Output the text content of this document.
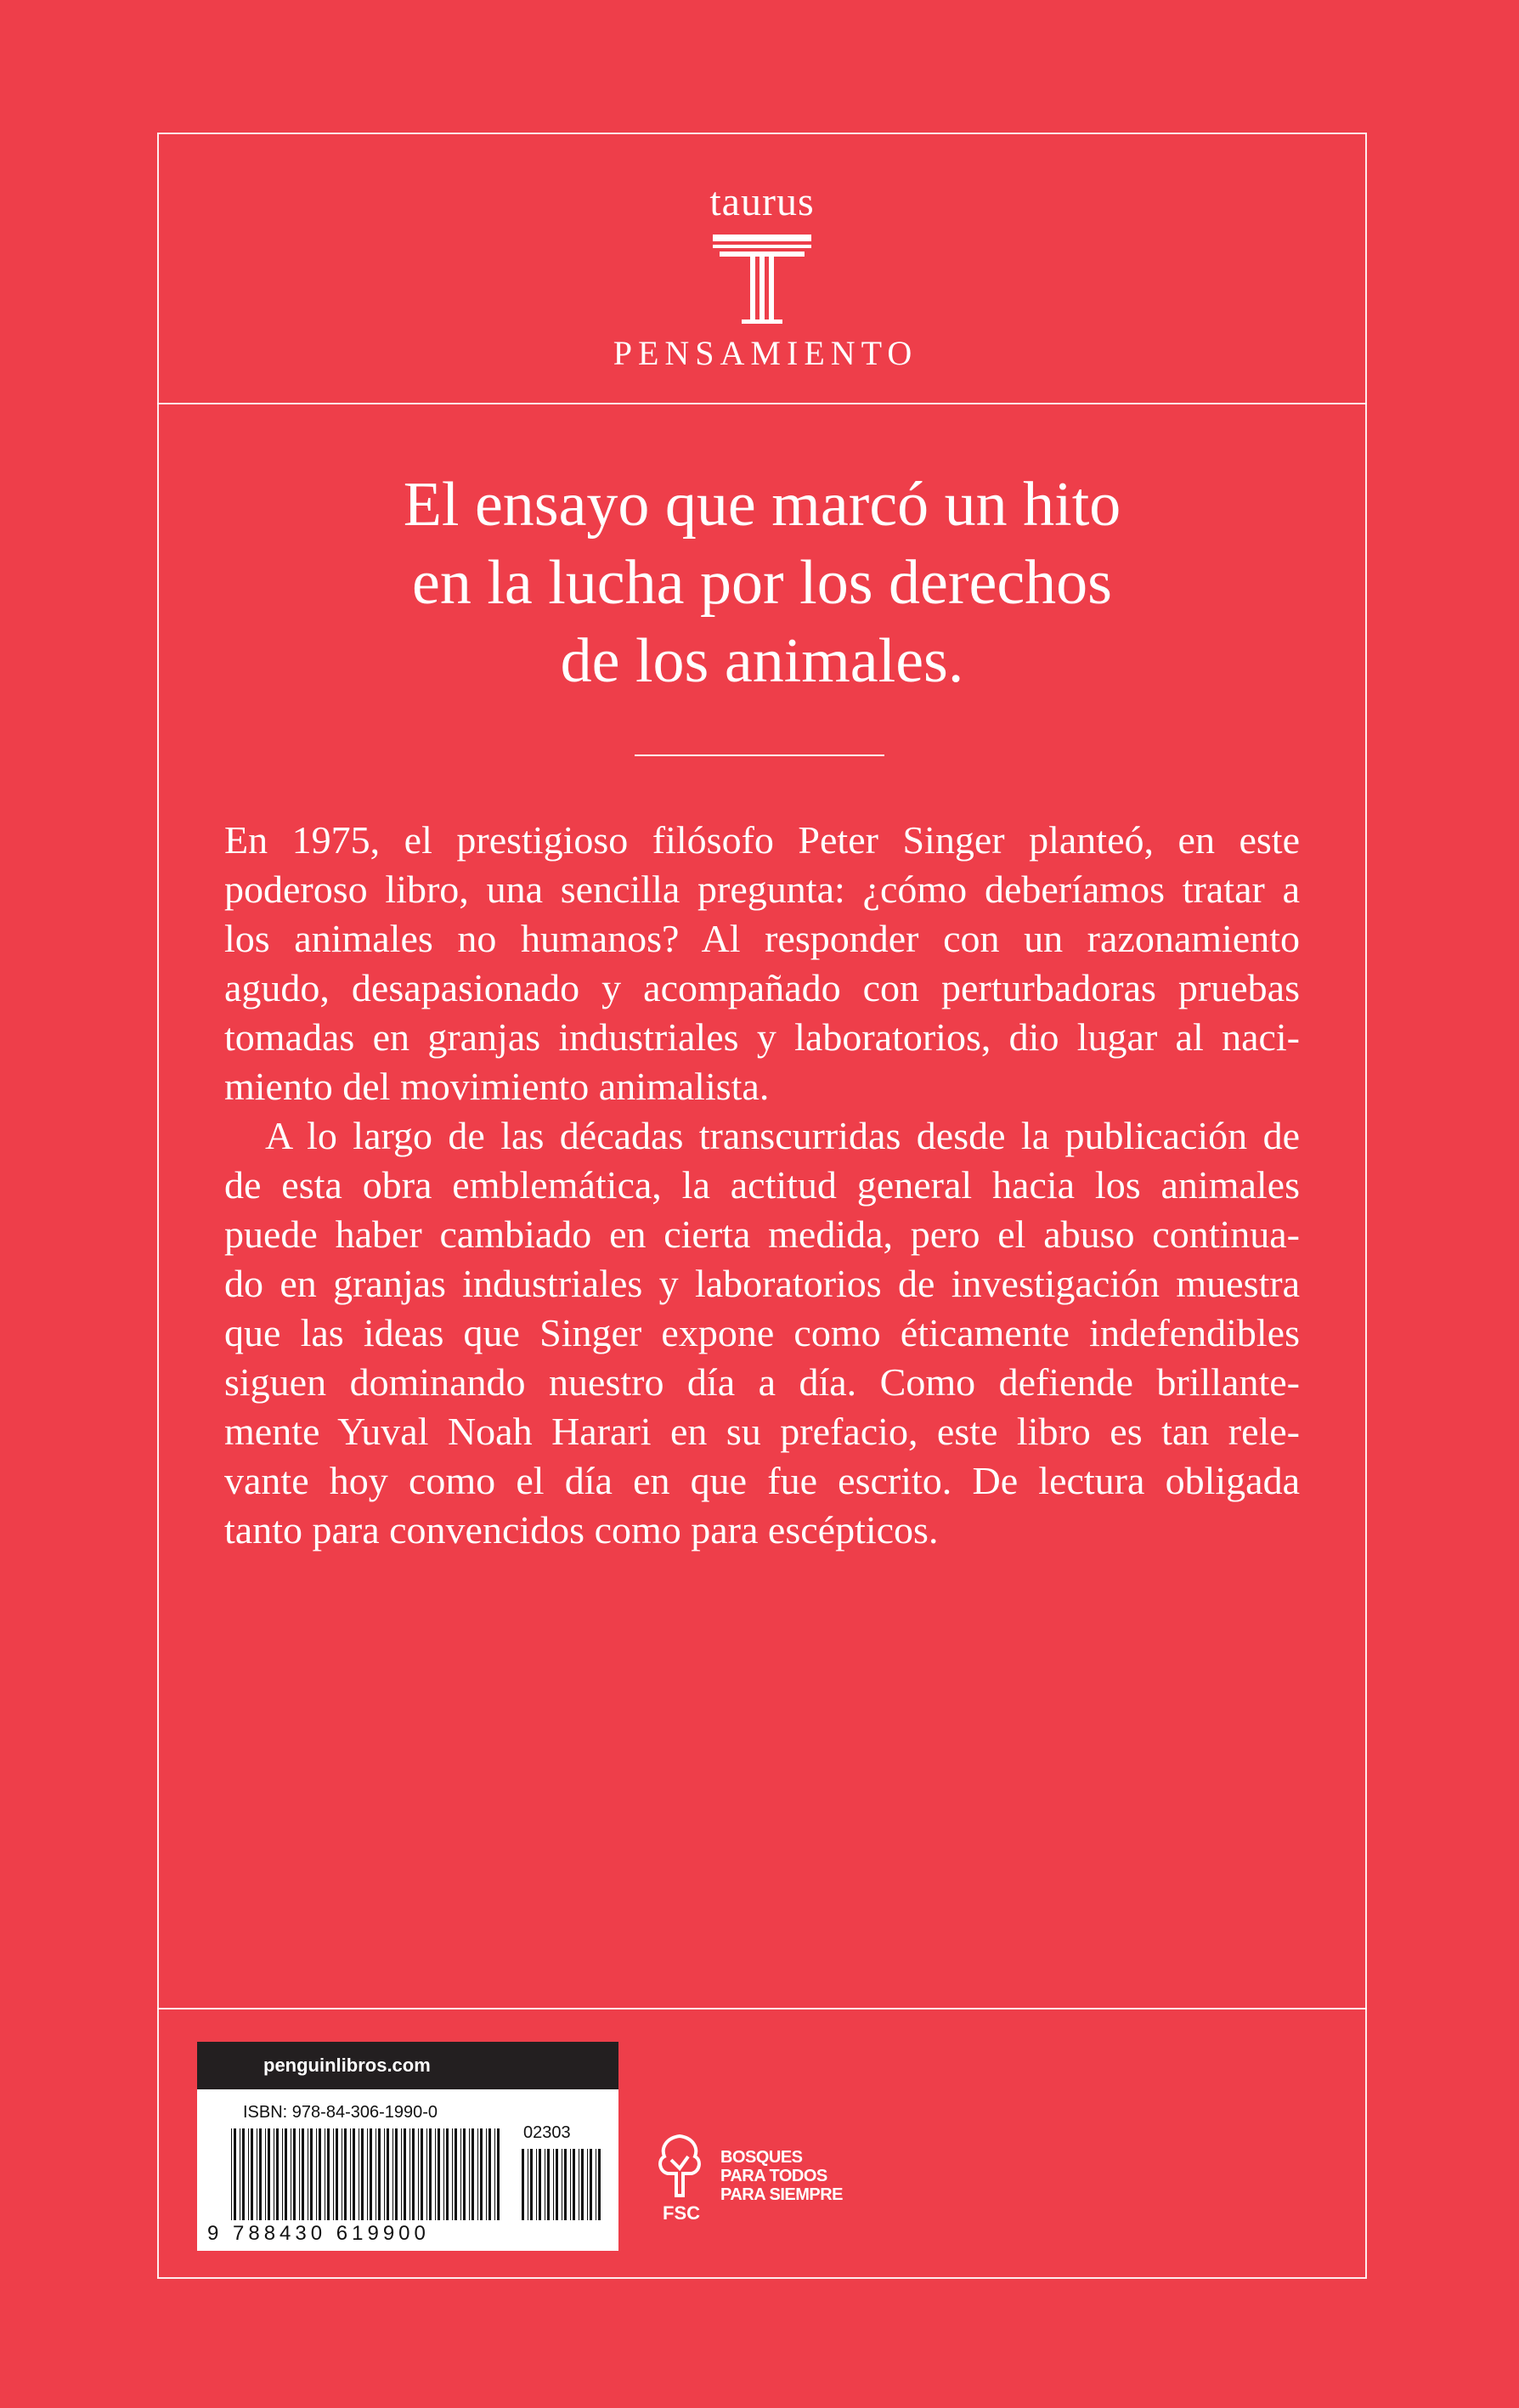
taurus
PENSAMIENTO
El ensayo que marcó un hito
en la lucha por los derechos
de los animales.
En 1975, el prestigioso filósofo Peter Singer planteó, en este
poderoso libro, una sencilla pregunta: ¿cómo deberíamos tratar a
los animales no humanos? Al responder con un razonamiento
agudo, desapasionado y acompañado con perturbadoras pruebas
tomadas en granjas industriales y laboratorios, dio lugar al naci-
miento del movimiento animalista.
A lo largo de las décadas transcurridas desde la publicación de
de esta obra emblemática, la actitud general hacia los animales
puede haber cambiado en cierta medida, pero el abuso continua-
do en granjas industriales y laboratorios de investigación muestra
que las ideas que Singer expone como éticamente indefendibles
siguen dominando nuestro día a día. Como defiende brillante-
mente Yuval Noah Harari en su prefacio, este libro es tan rele-
vante hoy como el día en que fue escrito. De lectura obligada
tanto para convencidos como para escépticos.
penguinlibros.com
ISBN: 978-84-306-1990-0
02303
9 788430 619900
FSC
BOSQUES
PARA TODOS
PARA SIEMPRE
